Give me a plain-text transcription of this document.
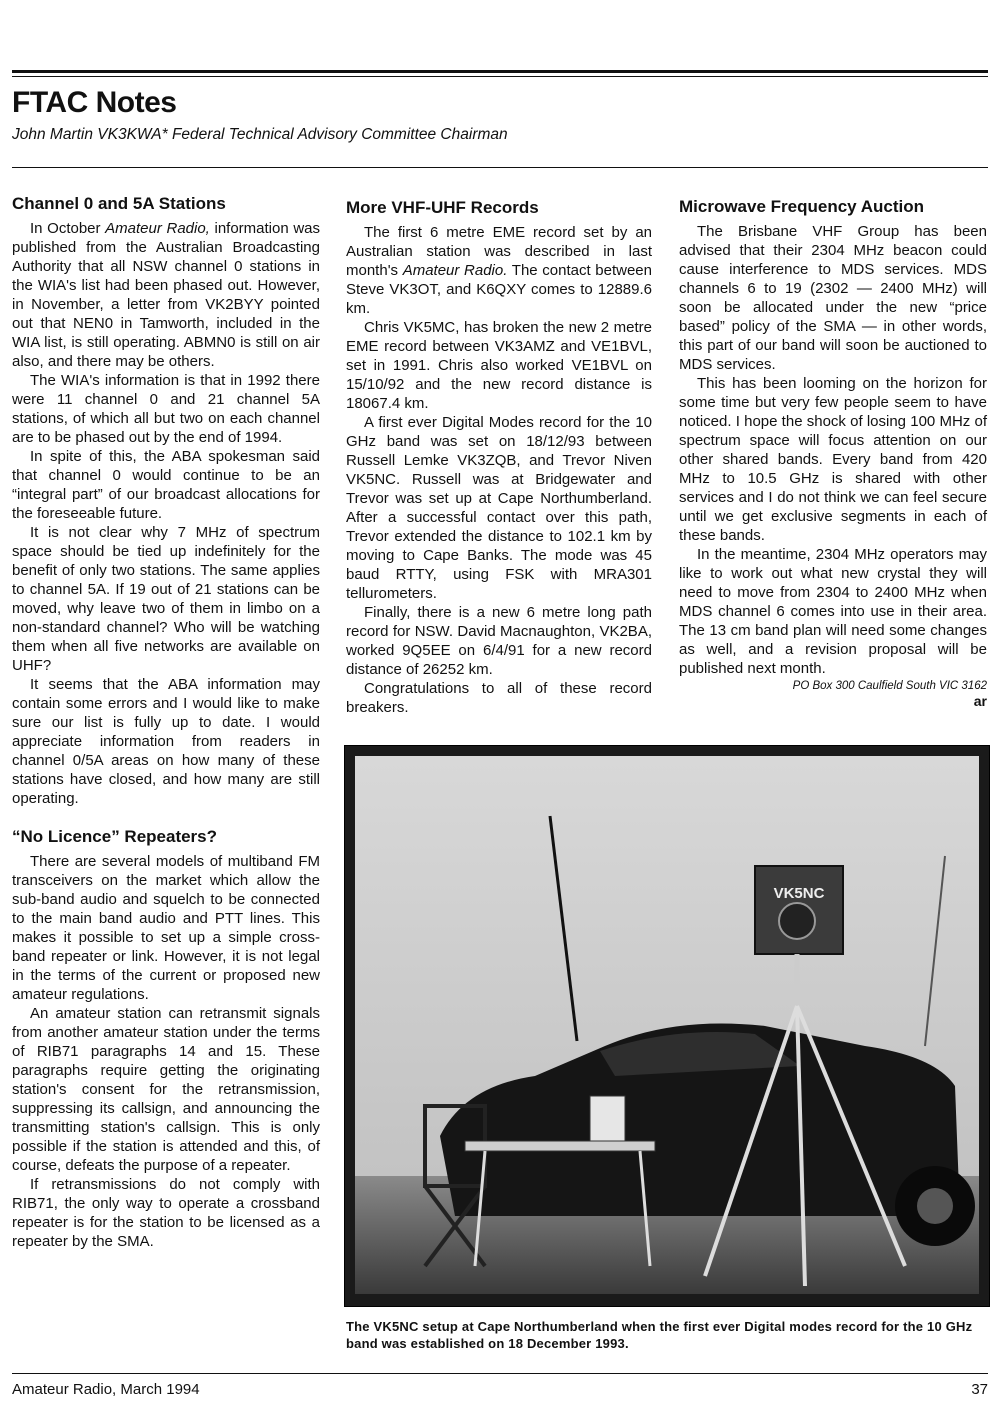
FTAC Notes
John Martin VK3KWA* Federal Technical Advisory Committee Chairman
Channel 0 and 5A Stations

In October Amateur Radio, information was published from the Australian Broadcasting Authority that all NSW channel 0 stations in the WIA's list had been phased out. However, in November, a letter from VK2BYY pointed out that NEN0 in Tamworth, included in the WIA list, is still operating. ABMN0 is still on air also, and there may be others.

The WIA's information is that in 1992 there were 11 channel 0 and 21 channel 5A stations, of which all but two on each channel are to be phased out by the end of 1994.

In spite of this, the ABA spokesman said that channel 0 would continue to be an “integral part” of our broadcast allocations for the foreseeable future.

It is not clear why 7 MHz of spectrum space should be tied up indefinitely for the benefit of only two stations. The same applies to channel 5A. If 19 out of 21 stations can be moved, why leave two of them in limbo on a non-standard channel? Who will be watching them when all five networks are available on UHF?

It seems that the ABA information may contain some errors and I would like to make sure our list is fully up to date. I would appreciate information from readers in channel 0/5A areas on how many of these stations have closed, and how many are still operating.

“No Licence” Repeaters?

There are several models of multiband FM transceivers on the market which allow the sub-band audio and squelch to be connected to the main band audio and PTT lines. This makes it possible to set up a simple cross-band repeater or link. However, it is not legal in the terms of the current or proposed new amateur regulations.

An amateur station can retransmit signals from another amateur station under the terms of RIB71 paragraphs 14 and 15. These paragraphs require getting the originating station's consent for the retransmission, suppressing its callsign, and announcing the transmitting station's callsign. This is only possible if the station is attended and this, of course, defeats the purpose of a repeater.

If retransmissions do not comply with RIB71, the only way to operate a crossband repeater is for the station to be licensed as a repeater by the SMA.

More VHF-UHF Records

The first 6 metre EME record set by an Australian station was described in last month's Amateur Radio. The contact between Steve VK3OT, and K6QXY comes to 12889.6 km.

Chris VK5MC, has broken the new 2 metre EME record between VK3AMZ and VE1BVL, set in 1991. Chris also worked VE1BVL on 15/10/92 and the new record distance is 18067.4 km.

A first ever Digital Modes record for the 10 GHz band was set on 18/12/93 between Russell Lemke VK3ZQB, and Trevor Niven VK5NC. Russell was at Bridgewater and Trevor was set up at Cape Northumberland. After a successful contact over this path, Trevor extended the distance to 102.1 km by moving to Cape Banks. The mode was 45 baud RTTY, using FSK with MRA301 tellurometers.

Finally, there is a new 6 metre long path record for NSW. David Macnaughton, VK2BA, worked 9Q5EE on 6/4/91 for a new record distance of 26252 km.

Congratulations to all of these record breakers.

Microwave Frequency Auction

The Brisbane VHF Group has been advised that their 2304 MHz beacon could cause interference to MDS services. MDS channels 6 to 19 (2302 — 2400 MHz) will soon be allocated under the new “price based” policy of the SMA — in other words, this part of our band will soon be auctioned to MDS services.

This has been looming on the horizon for some time but very few people seem to have noticed. I hope the shock of losing 100 MHz of spectrum space will focus attention on our other shared bands. Every band from 420 MHz to 10.5 GHz is shared with other services and I do not think we can feel secure until we get exclusive segments in each of these bands.

In the meantime, 2304 MHz operators may like to work out what new crystal they will need to move from 2304 to 2400 MHz when MDS channel 6 comes into use in their area. The 13 cm band plan will need some changes as well, and a revision proposal will be published next month.

PO Box 300 Caulfield South VIC 3162

ar

VK5NC
The VK5NC setup at Cape Northumberland when the first ever Digital modes record for the 10 GHz band was established on 18 December 1993.
Amateur Radio, March 1994	37
